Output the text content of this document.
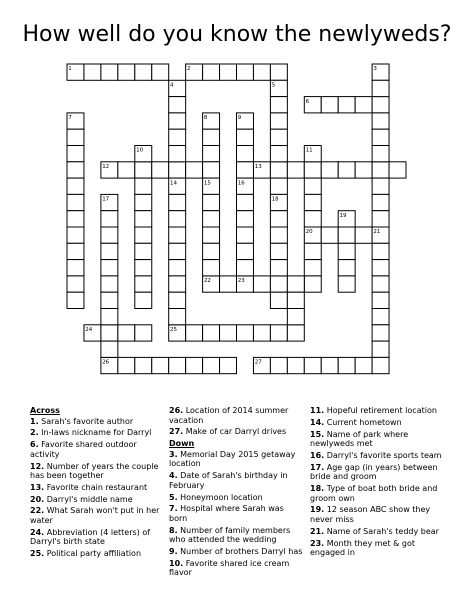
How well do you know the newlyweds?
1	2	3
4	5
6
7	8	9
10	11
12	13
14	15	16
17	18
19
20	21
22	23
24	25
26	27
Across
1. Sarah's favorite author
2. In-laws nickname for Darryl
6. Favorite shared outdoor activity
12. Number of years the couple has been together
13. Favorite chain restaurant
20. Darryl's middle name
22. What Sarah won't put in her water
24. Abbreviation (4 letters) of Darryl's birth state
25. Political party affiliation
26. Location of 2014 summer vacation
27. Make of car Darryl drives
Down
3. Memorial Day 2015 getaway location
4. Date of Sarah's birthday in February
5. Honeymoon location
7. Hospital where Sarah was born
8. Number of family members who attended the wedding
9. Number of brothers Darryl has
10. Favorite shared ice cream flavor
11. Hopeful retirement location
14. Current hometown
15. Name of park where newlyweds met
16. Darryl's favorite sports team
17. Age gap (in years) between bride and groom
18. Type of boat both bride and groom own
19. 12 season ABC show they never miss
21. Name of Sarah's teddy bear
23. Month they met & got engaged in
